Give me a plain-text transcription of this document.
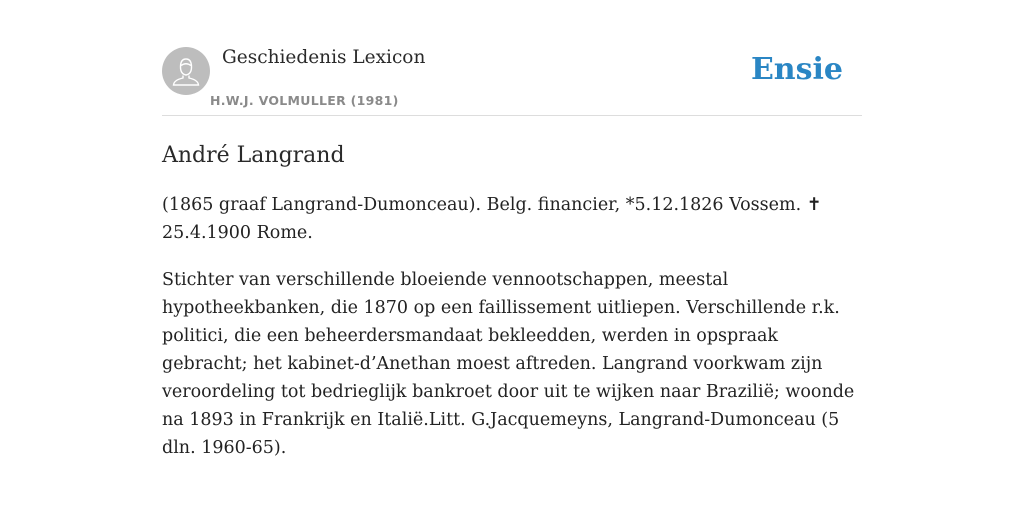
Geschiedenis Lexicon
H.W.J. VOLMULLER (1981)
Ensie
André Langrand

(1865 graaf Langrand-Dumonceau). Belg. financier, *5.12.1826 Vossem. ✝ 25.4.1900 Rome.

Stichter van verschillende bloeiende vennootschappen, meestal hypotheekbanken, die 1870 op een faillissement uitliepen. Verschillende r.k. politici, die een beheerdersmandaat bekleedden, werden in opspraak gebracht; het kabinet-d’Anethan moest aftreden. Langrand voorkwam zijn veroordeling tot bedrieglijk bankroet door uit te wijken naar Brazilië; woonde na 1893 in Frankrijk en Italië.Litt. G.Jacquemeyns, Langrand-Dumonceau (5 dln. 1960-65).
